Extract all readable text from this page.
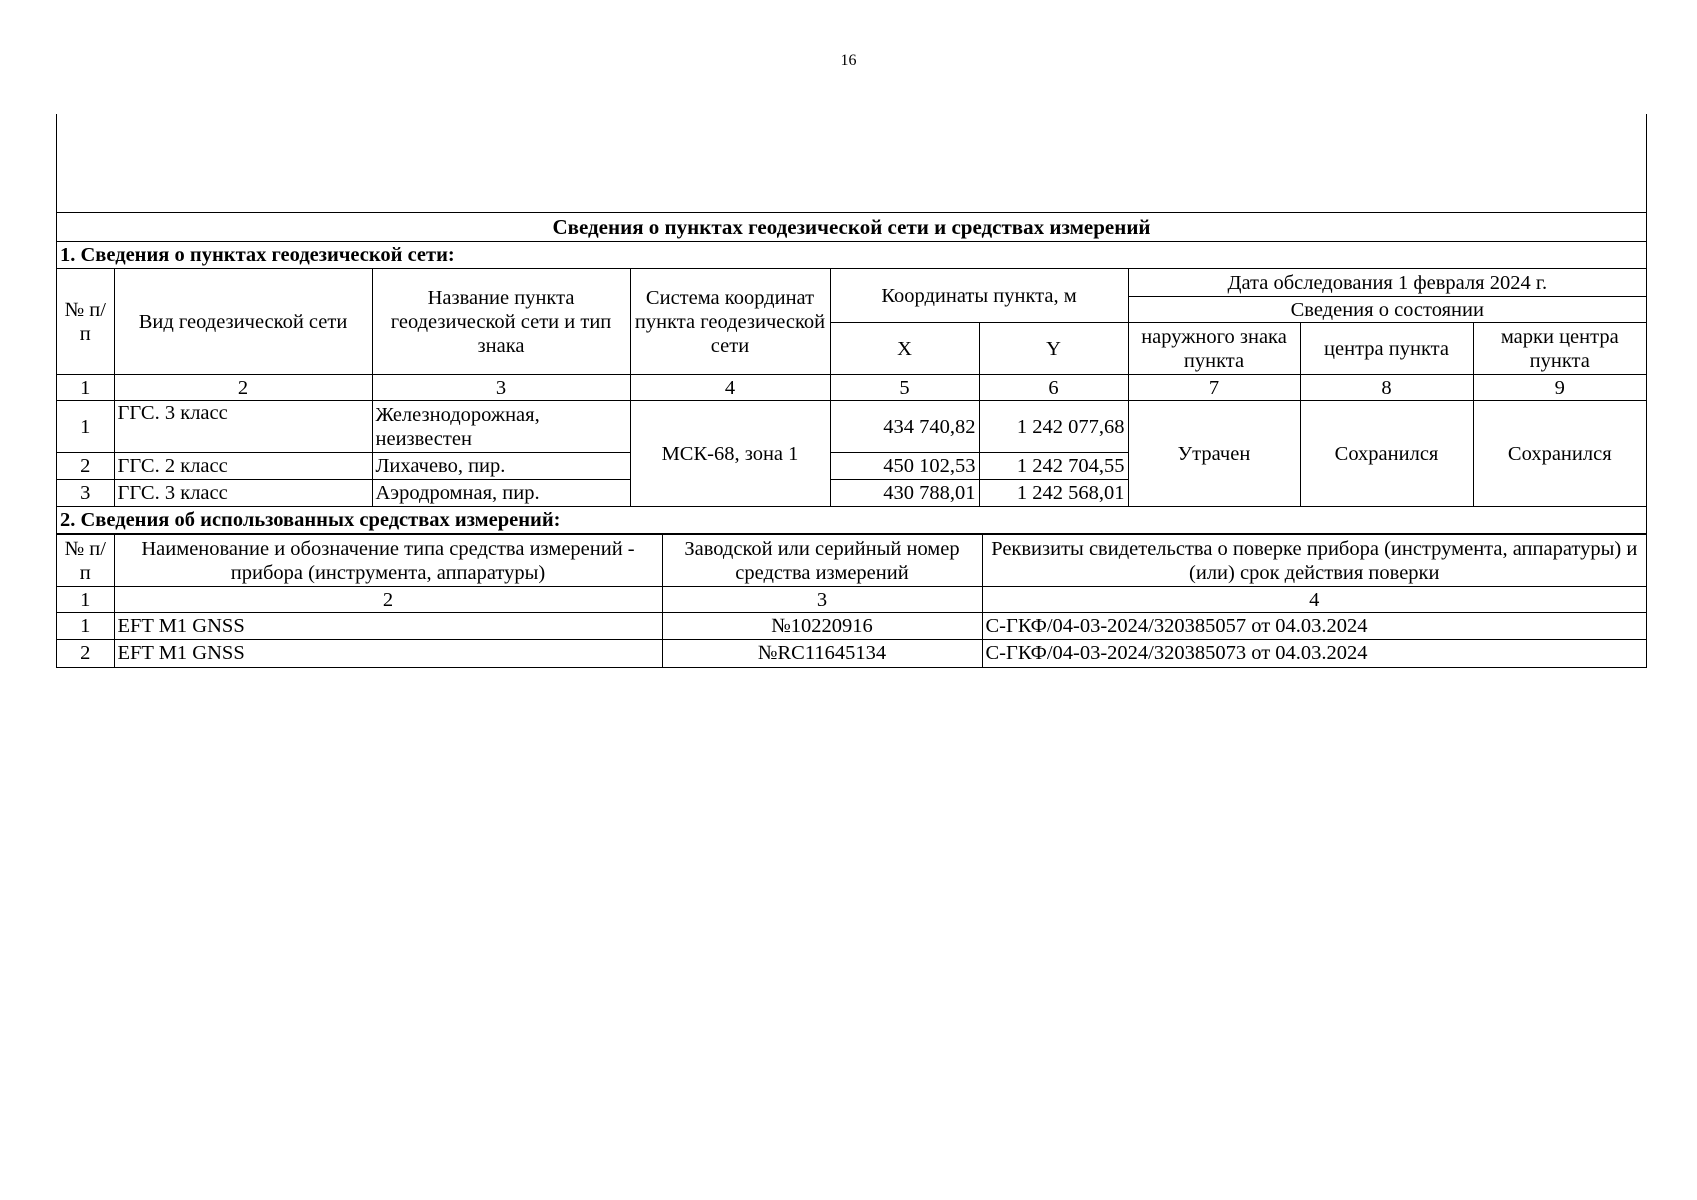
16
Сведения о пунктах геодезической сети и средствах измерений								
1. Сведения о пунктах геодезической сети:								
№ п/п	Вид геодезической сети	Название пункта геодезической сети и тип знака	Система координат пункта геодезической сети	Координаты пункта, м		Дата обследования 1 февраля 2024 г.		
						Сведения о состоянии		
				X	Y	наружного знака пункта	центра пункта	марки центра пункта
1	2	3	4	5	6	7	8	9
1	ГГС. 3 класс	Железнодорожная, неизвестен	МСК-68, зона 1	434 740,82	1 242 077,68	Утрачен	Сохранился	Сохранился
2	ГГС. 2 класс	Лихачево, пир.		450 102,53	1 242 704,55			
3	ГГС. 3 класс	Аэродромная, пир.		430 788,01	1 242 568,01			
2. Сведения об использованных средствах измерений:								
№ п/п	Наименование и обозначение типа средства измерений - прибора (инструмента, аппаратуры)	Заводской или серийный номер средства измерений	Реквизиты свидетельства о поверке прибора (инструмента, аппаратуры) и (или) срок действия поверки
1	2	3	4
1	EFT M1 GNSS	№10220916	С-ГКФ/04-03-2024/320385057 от 04.03.2024
2	EFT M1 GNSS	№RC11645134	С-ГКФ/04-03-2024/320385073 от 04.03.2024
